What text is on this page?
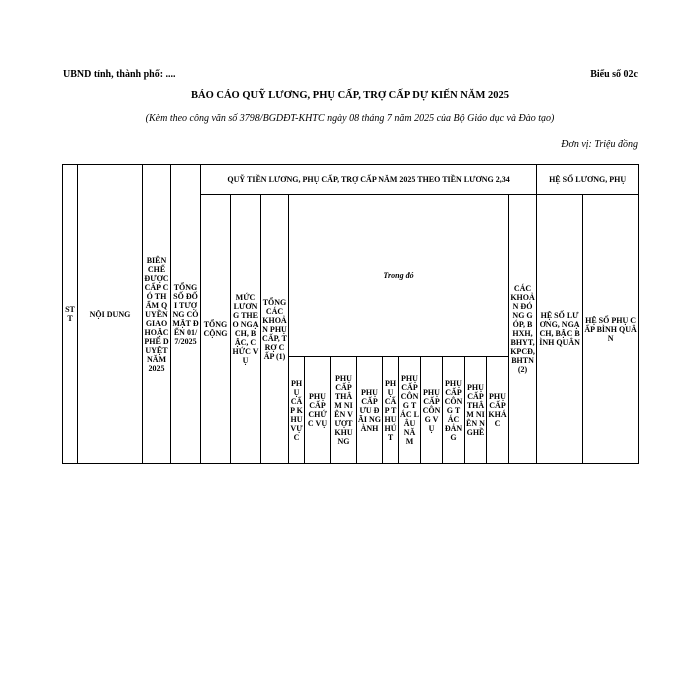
UBND tỉnh, thành phố: ....	Biểu số 02c
BÁO CÁO QUỸ LƯƠNG, PHỤ CẤP, TRỢ CẤP DỰ KIẾN NĂM 2025
(Kèm theo công văn số 3798/BGDĐT-KHTC ngày 08 tháng 7 năm 2025 của Bộ Giáo dục và Đào tạo)
Đơn vị: Triệu đồng
STT	NỘI DUNG	BIÊN CHẾ ĐƯỢC CẤP CÓ THẨM QUYỀN GIAO HOẶC PHÊ DUYỆT NĂM 2025	TỔNG SỐ ĐỐI TƯỢNG CÓ MẶT ĐẾN 01/7/2025	QUỸ TIỀN LƯƠNG, PHỤ CẤP, TRỢ CẤP NĂM 2025 THEO TIỀN LƯƠNG 2,34														HỆ SỐ LƯƠNG, PHỤ	
				TỔNG CỘNG	MỨC LƯƠNG THEO NGẠCH, BẬC, CHỨC VỤ	TỔNG CÁC KHOẢN PHỤ CẤP, TRỢ CẤP (1)	Trong đó										CÁC KHOẢN ĐÓNG GÓP, BHXH, BHYT, KPCĐ, BHTN (2)	HỆ SỐ LƯƠNG, NGẠCH, BẬC BÌNH QUÂN	HỆ SỐ PHỤ CẤP BÌNH QUÂN
							PHỤ CẤP KHU VỰC	PHỤ CẤP CHỨC VỤ	PHỤ CẤP THÂM NIÊN VƯỢT KHUNG	PHỤ CẤP ƯU ĐÃI NGÀNH	PHỤ CẤP THU HÚT	PHỤ CẤP CÔNG TÁC LÂU NĂM	PHỤ CẤP CÔNG VỤ	PHỤ CẤP CÔNG TÁC ĐẢNG	PHỤ CẤP THÂM NIÊN NGHỀ	PHỤ CẤP KHÁC			
